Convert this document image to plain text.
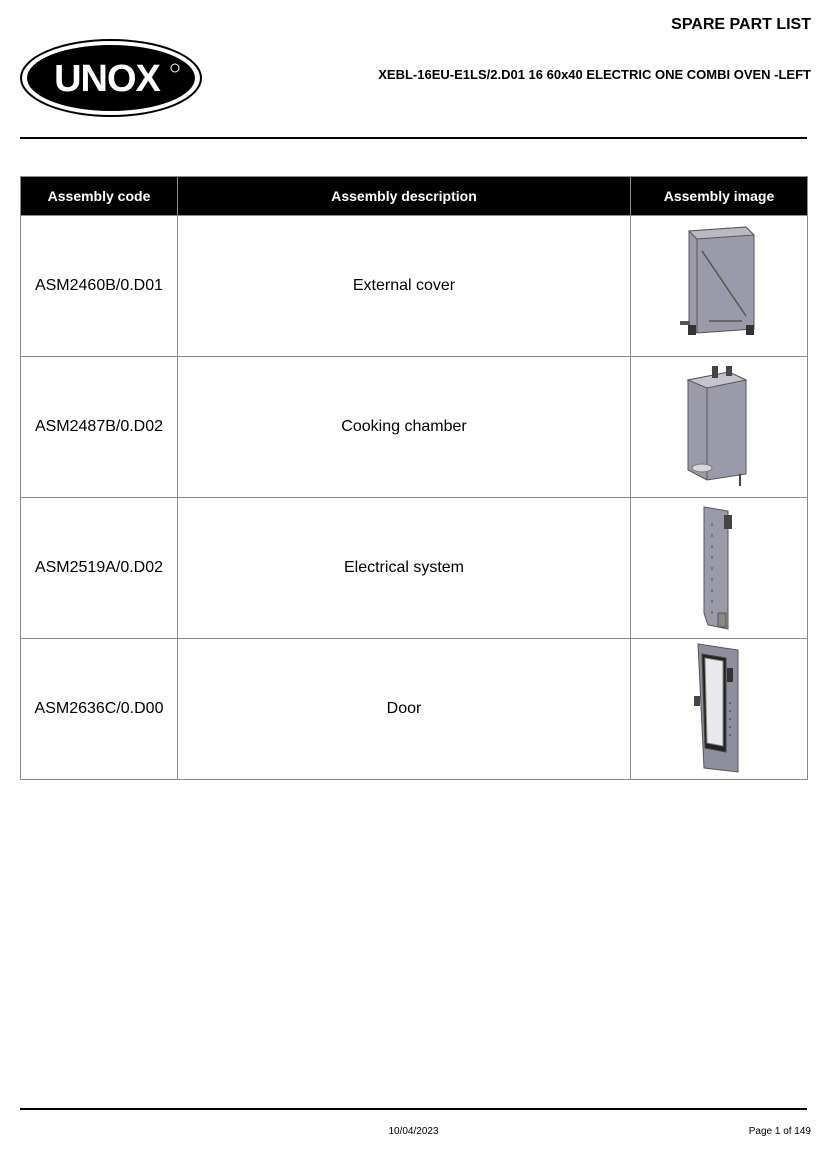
SPARE PART LIST
XEBL-16EU-E1LS/2.D01 16 60x40 ELECTRIC ONE COMBI OVEN -LEFT
UNOX
Assembly code	Assembly description	Assembly image
ASM2460B/0.D01	External cover	

ASM2487B/0.D02	Cooking chamber	

ASM2519A/0.D02	Electrical system	

ASM2636C/0.D00	Door	
10/04/2023	Page 1 of 149
